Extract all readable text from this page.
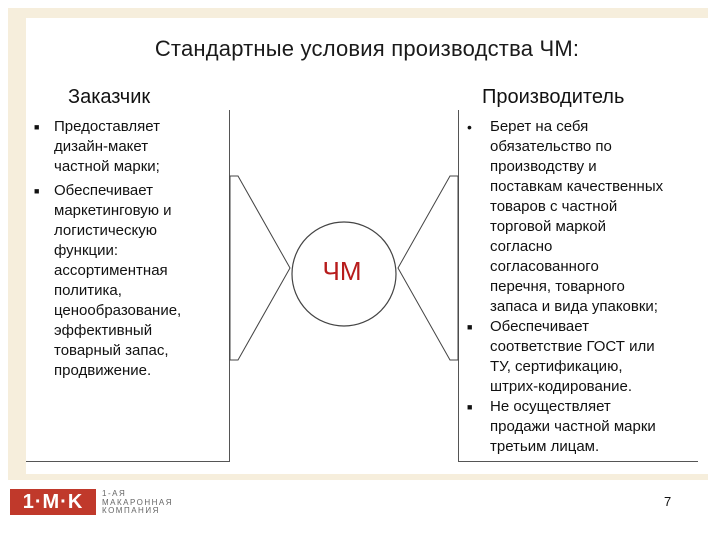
Стандартные условия производства ЧМ:
Заказчик	Производитель
ЧМ
■ Предоставляет
дизайн-макет
частной марки;
■ Обеспечивает
маркетинговую и
логистическую
функции:
ассортиментная
политика,
ценообразование,
эффективный
товарный запас,
продвижение.
• Берет на себя
обязательство по
производству и
поставкам качественных
товаров с частной
торговой маркой
согласно
согласованного
перечня, товарного
запаса и вида упаковки;
■ Обеспечивает
соответствие ГОСТ или
ТУ, сертификацию,
штрих-кодирование.
■ Не осуществляет
продажи частной марки
третьим лицам.
7
1·M·K	1-АЯ
МАКАРОННАЯ
КОМПАНИЯ
